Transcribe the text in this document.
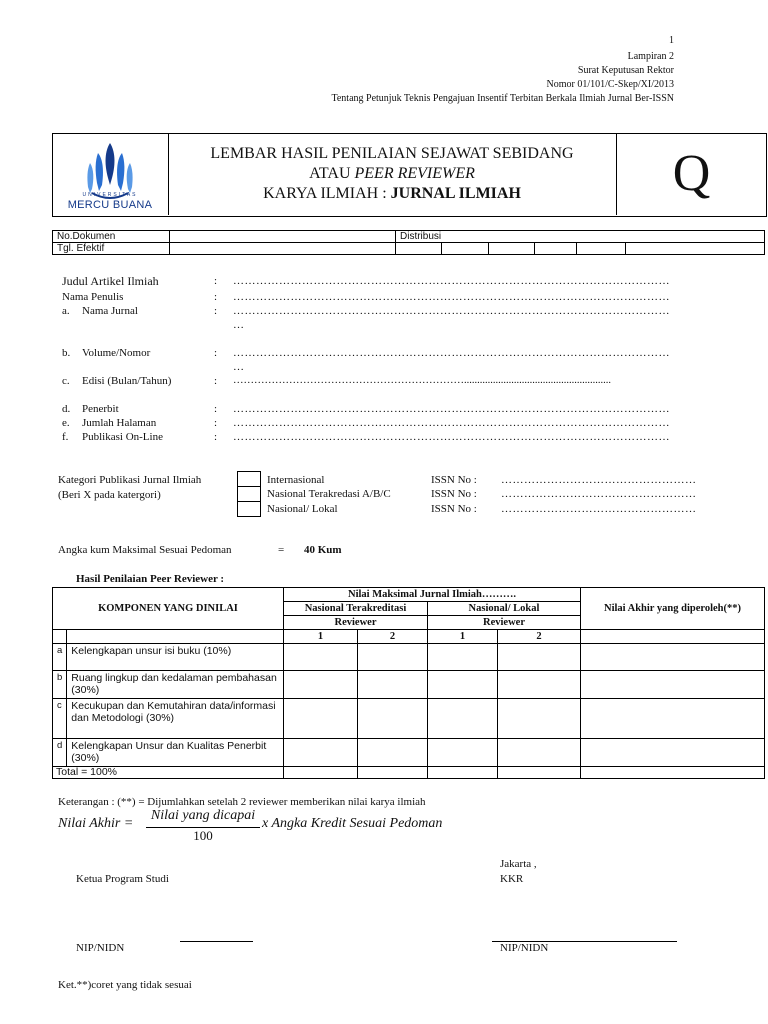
1
Lampiran 2
Surat Keputusan Rektor
Nomor 01/101/C-Skep/XI/2013
Tentang Petunjuk Teknis Pengajuan Insentif Terbitan Berkala Ilmiah Jurnal Ber-ISSN
UNIVERSITAS
MERCU BUANA
LEMBAR HASIL PENILAIAN SEJAWAT SEBIDANG
ATAU PEER REVIEWER
KARYA ILMIAH : JURNAL ILMIAH	Q
No.Dokumen		Distribusi					
Tgl. Efektif							
Judul Artikel Ilmiah	: ……………………………………………………………………………………………………
Nama Penulis	: ……………………………………………………………………………………………………
a. Nama Jurnal	: ……………………………………………………………………………………………………
…
b. Volume/Nomor	: ……………………………………………………………………………………………………
…
c. Edisi (Bulan/Tahun)	: …………………………………………………………........................................................
d. Penerbit	: ……………………………………………………………………………………………………
e. Jumlah Halaman	: ……………………………………………………………………………………………………
f. Publikasi On-Line	: ……………………………………………………………………………………………………
Kategori Publikasi Jurnal Ilmiah
(Beri X pada katergori)
Internasional	ISSN No : ……………………………………………
Nasional Terakredasi A/B/C	ISSN No : ……………………………………………
Nasional/ Lokal	ISSN No : ……………………………………………
Angka kum Maksimal Sesuai Pedoman	= 40 Kum
Hasil Penilaian Peer Reviewer :
KOMPONEN YANG DINILAI		Nilai Maksimal Jurnal Ilmiah……….				Nilai Akhir yang diperoleh(**)
		Nasional Terakreditasi		Nasional/ Lokal		
		Reviewer		Reviewer		
		1	2	1	2	
a	Kelengkapan unsur isi buku (10%)					
b	Ruang lingkup dan kedalaman pembahasan (30%)					
c	Kecukupan dan Kemutahiran data/informasi dan Metodologi (30%)					
d	Kelengkapan Unsur dan Kualitas Penerbit (30%)					
Total = 100%						
Keterangan : (**) = Dijumlahkan setelah 2 reviewer memberikan nilai karya ilmiah
Nilai Akhir =
Nilai yang dicapai
100
x Angka Kredit Sesuai Pedoman
Jakarta ,
Ketua Program Studi	KKR
NIP/NIDN	NIP/NIDN
Ket.**)coret yang tidak sesuai
